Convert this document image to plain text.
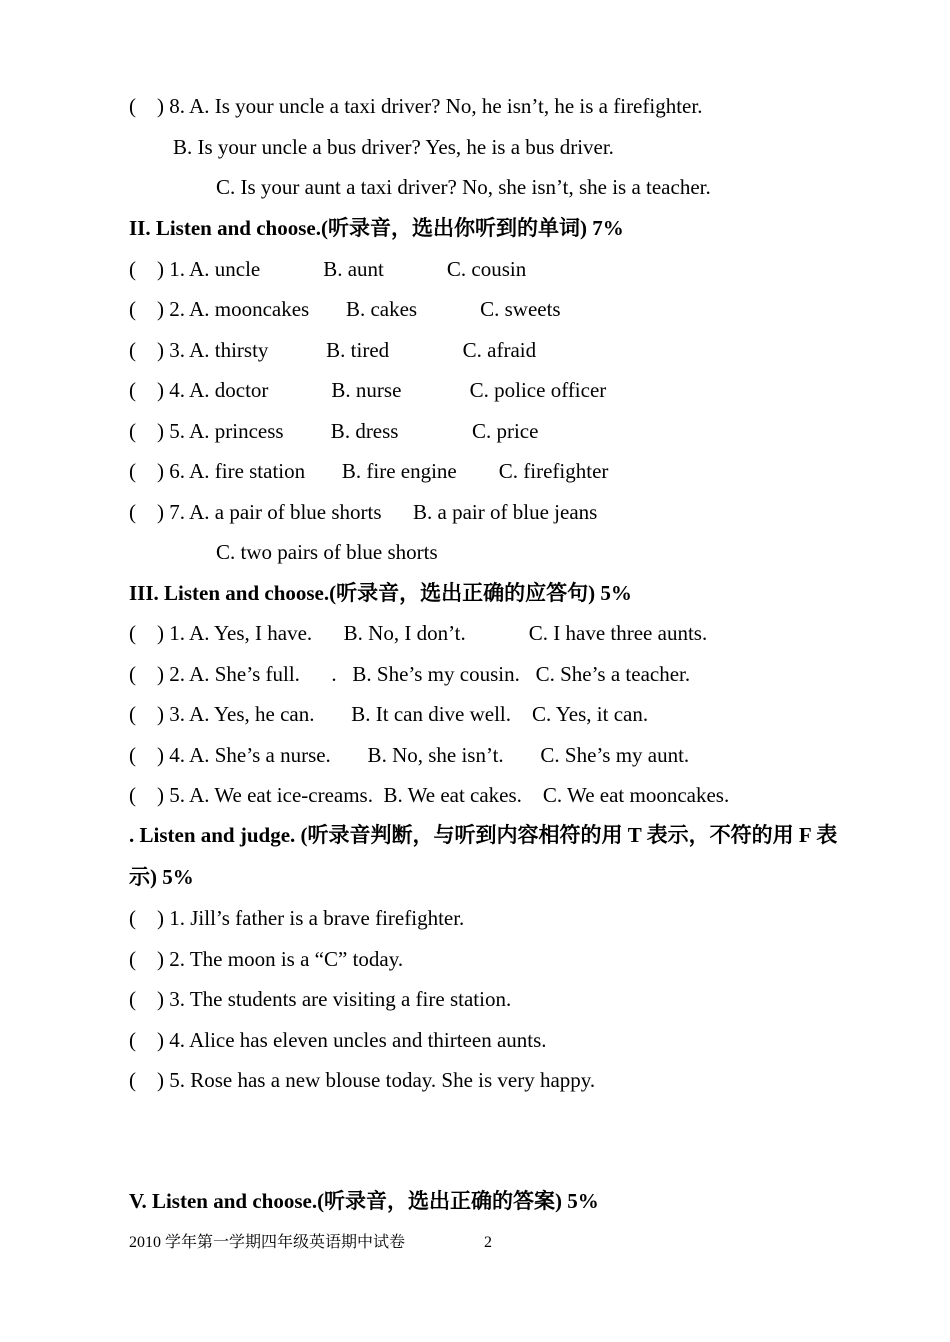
(    ) 8. A. Is your uncle a taxi driver? No, he isn’t, he is a firefighter.
B. Is your uncle a bus driver? Yes, he is a bus driver.
C. Is your aunt a taxi driver? No, she isn’t, she is a teacher.
II. Listen and choose.(听录音，选出你听到的单词) 7%
(    ) 1. A. uncle            B. aunt            C. cousin
(    ) 2. A. mooncakes       B. cakes            C. sweets
(    ) 3. A. thirsty           B. tired              C. afraid
(    ) 4. A. doctor            B. nurse             C. police officer
(    ) 5. A. princess         B. dress              C. price
(    ) 6. A. fire station       B. fire engine        C. firefighter
(    ) 7. A. a pair of blue shorts      B. a pair of blue jeans
C. two pairs of blue shorts
III. Listen and choose.(听录音，选出正确的应答句) 5%
(    ) 1. A. Yes, I have.      B. No, I don’t.            C. I have three aunts.
(    ) 2. A. She’s full.      .   B. She’s my cousin.   C. She’s a teacher.
(    ) 3. A. Yes, he can.       B. It can dive well.    C. Yes, it can.
(    ) 4. A. She’s a nurse.       B. No, she isn’t.       C. She’s my aunt.
(    ) 5. A. We eat ice-creams.  B. We eat cakes.    C. We eat mooncakes.
. Listen and judge. (听录音判断，与听到内容相符的用 T 表示，不符的用 F 表
示) 5%
(    ) 1. Jill’s father is a brave firefighter.
(    ) 2. The moon is a “C” today.
(    ) 3. The students are visiting a fire station.
(    ) 4. Alice has eleven uncles and thirteen aunts.
(    ) 5. Rose has a new blouse today. She is very happy.
V. Listen and choose.(听录音，选出正确的答案) 5%
2010 学年第一学期四年级英语期中试卷	2
